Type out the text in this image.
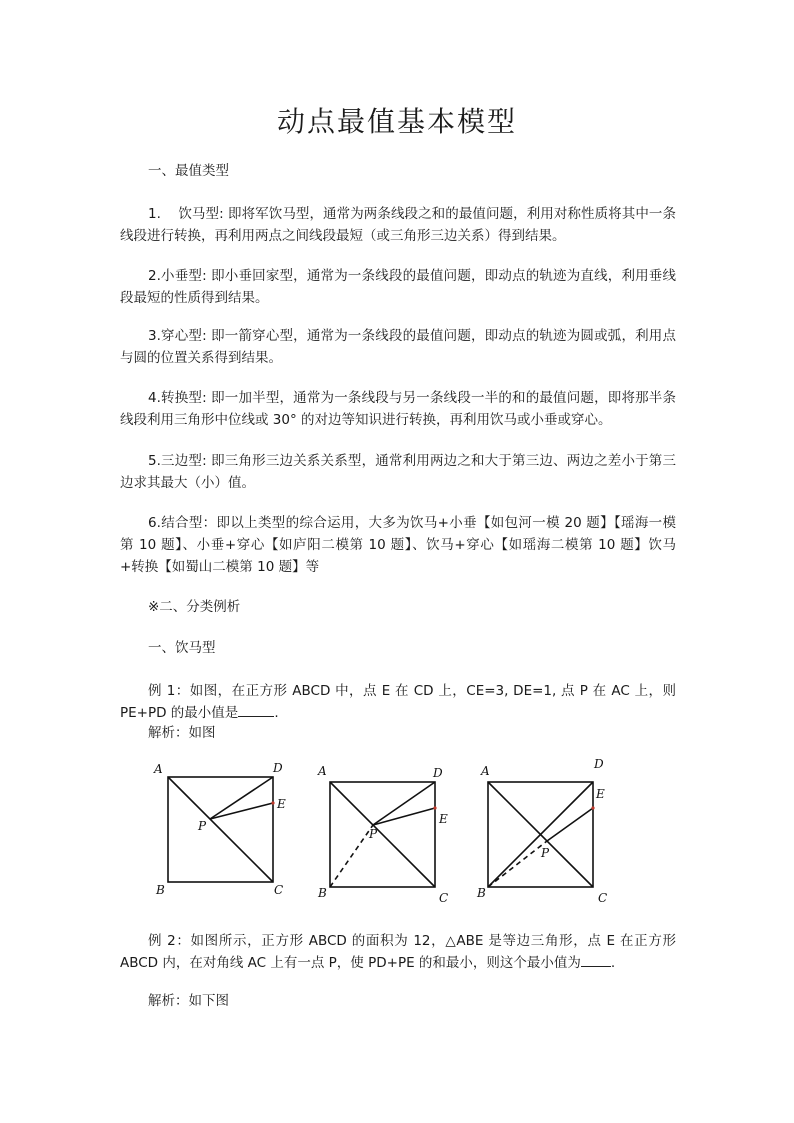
动点最值基本模型

一、最值类型

1.    饮马型: 即将军饮马型，通常为两条线段之和的最值问题，利用对称性质将其中一条线段进行转换，再利用两点之间线段最短（或三角形三边关系）得到结果。

2.小垂型: 即小垂回家型，通常为一条线段的最值问题，即动点的轨迹为直线，利用垂线段最短的性质得到结果。

3.穿心型: 即一箭穿心型，通常为一条线段的最值问题，即动点的轨迹为圆或弧，利用点与圆的位置关系得到结果。

4.转换型: 即一加半型，通常为一条线段与另一条线段一半的和的最值问题，即将那半条线段利用三角形中位线或 30° 的对边等知识进行转换，再利用饮马或小垂或穿心。

5.三边型: 即三角形三边关系关系型，通常利用两边之和大于第三边、两边之差小于第三边求其最大（小）值。

6.结合型：即以上类型的综合运用，大多为饮马+小垂【如包河一模 20 题】【瑶海一模第 10 题】、小垂+穿心【如庐阳二模第 10 题】、饮马+穿心【如瑶海二模第 10 题】饮马+转换【如蜀山二模第 10 题】等

※二、分类例析

一、饮马型

例 1：如图，在正方形 ABCD 中，点 E 在 CD 上，CE=3, DE=1, 点 P 在 AC 上，则 PE+PD 的最小值是	.

解析：如图

A	D
E
P
B	C
A	D
E
P
B	C
A	D
E
P
B	C

例 2：如图所示，正方形 ABCD 的面积为 12，△ABE 是等边三角形，点 E 在正方形 ABCD 内，在对角线 AC 上有一点 P，使 PD+PE 的和最小，则这个最小值为 .

解析：如下图
